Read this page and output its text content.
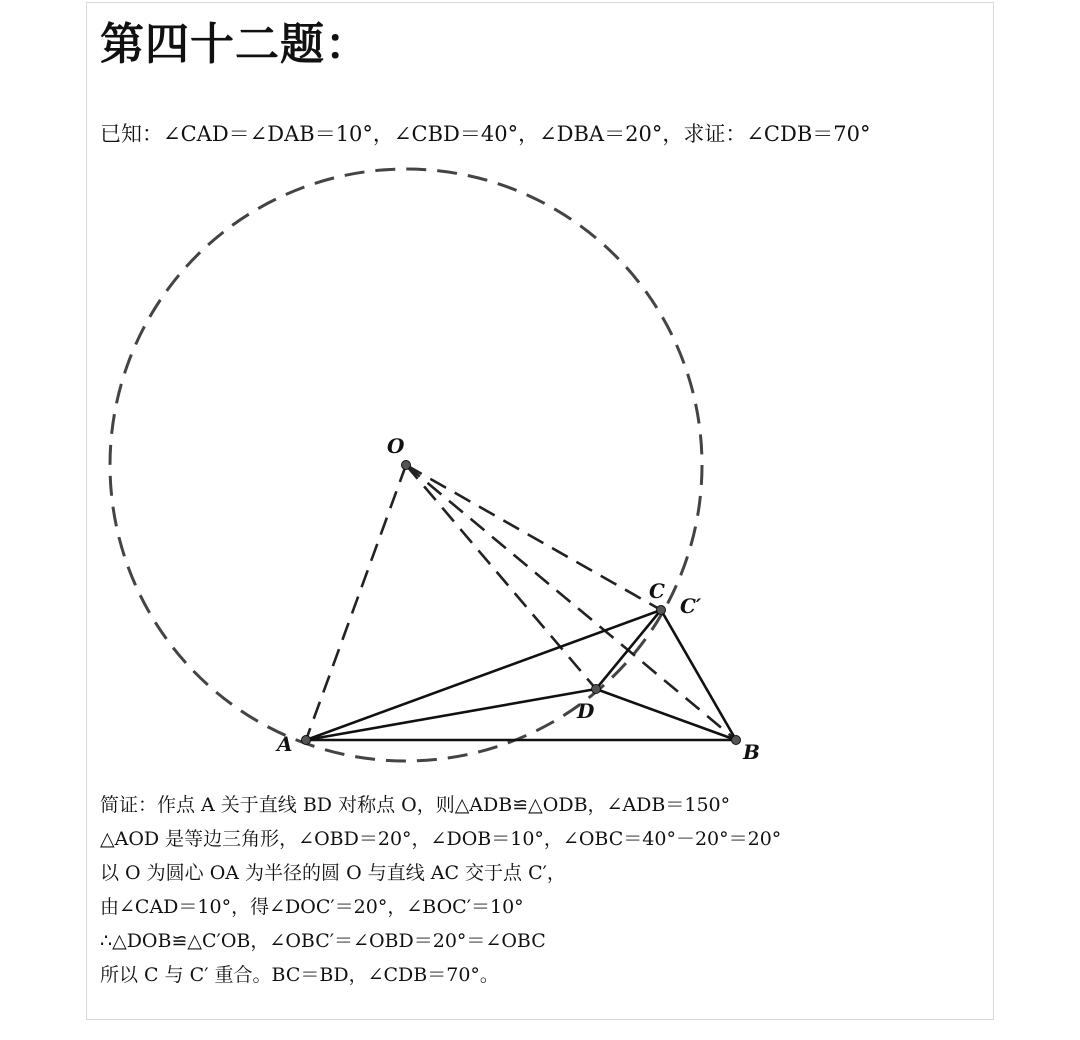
第四十二题：
已知：∠CAD＝∠DAB＝10°，∠CBD＝40°，∠DBA＝20°，求证：∠CDB＝70°
O
C
C′
D
A	B
简证：作点 A 关于直线 BD 对称点 O，则△ADB≌△ODB，∠ADB＝150°
△AOD 是等边三角形，∠OBD＝20°，∠DOB＝10°，∠OBC＝40°－20°＝20°
以 O 为圆心 OA 为半径的圆 O 与直线 AC 交于点 C′，
由∠CAD＝10°，得∠DOC′＝20°，∠BOC′＝10°
∴△DOB≌△C′OB，∠OBC′＝∠OBD＝20°＝∠OBC
所以 C 与 C′ 重合。BC＝BD，∠CDB＝70°。
